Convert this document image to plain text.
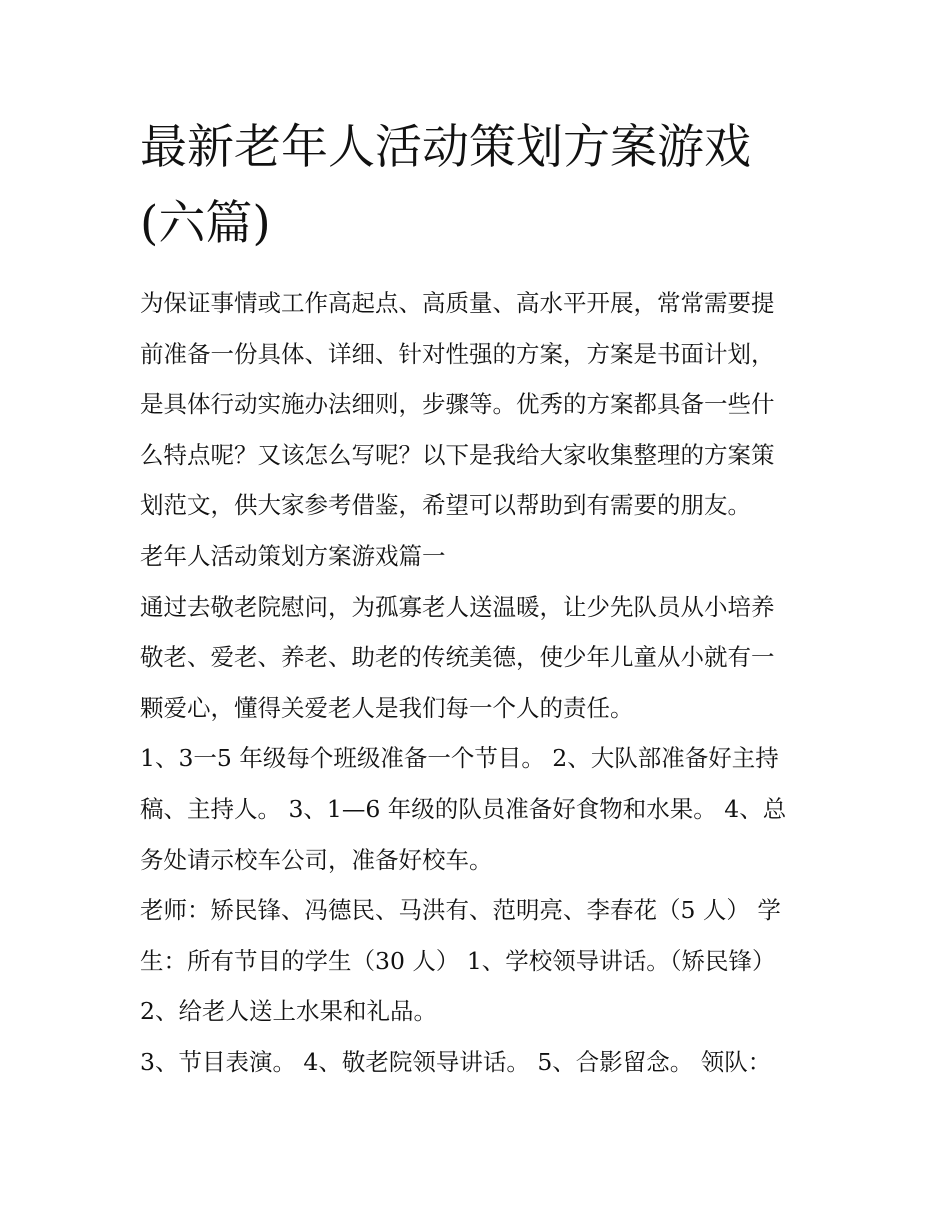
最新老年人活动策划方案游戏
(六篇)
为保证事情或工作高起点、高质量、高水平开展，常常需要提
前准备一份具体、详细、针对性强的方案，方案是书面计划，
是具体行动实施办法细则，步骤等。优秀的方案都具备一些什
么特点呢？又该怎么写呢？以下是我给大家收集整理的方案策
划范文，供大家参考借鉴，希望可以帮助到有需要的朋友。
老年人活动策划方案游戏篇一
通过去敬老院慰问，为孤寡老人送温暖，让少先队员从小培养
敬老、爱老、养老、助老的传统美德，使少年儿童从小就有一
颗爱心，懂得关爱老人是我们每一个人的责任。
1、3一5 年级每个班级准备一个节目。 2、大队部准备好主持
稿、主持人。 3、1—6 年级的队员准备好食物和水果。 4、总
务处请示校车公司，准备好校车。
老师：矫民锋、冯德民、马洪有、范明亮、李春花（5 人） 学
生：所有节目的学生（30 人） 1、学校领导讲话。（矫民锋）
2、给老人送上水果和礼品。
3、节目表演。 4、敬老院领导讲话。 5、合影留念。 领队：
